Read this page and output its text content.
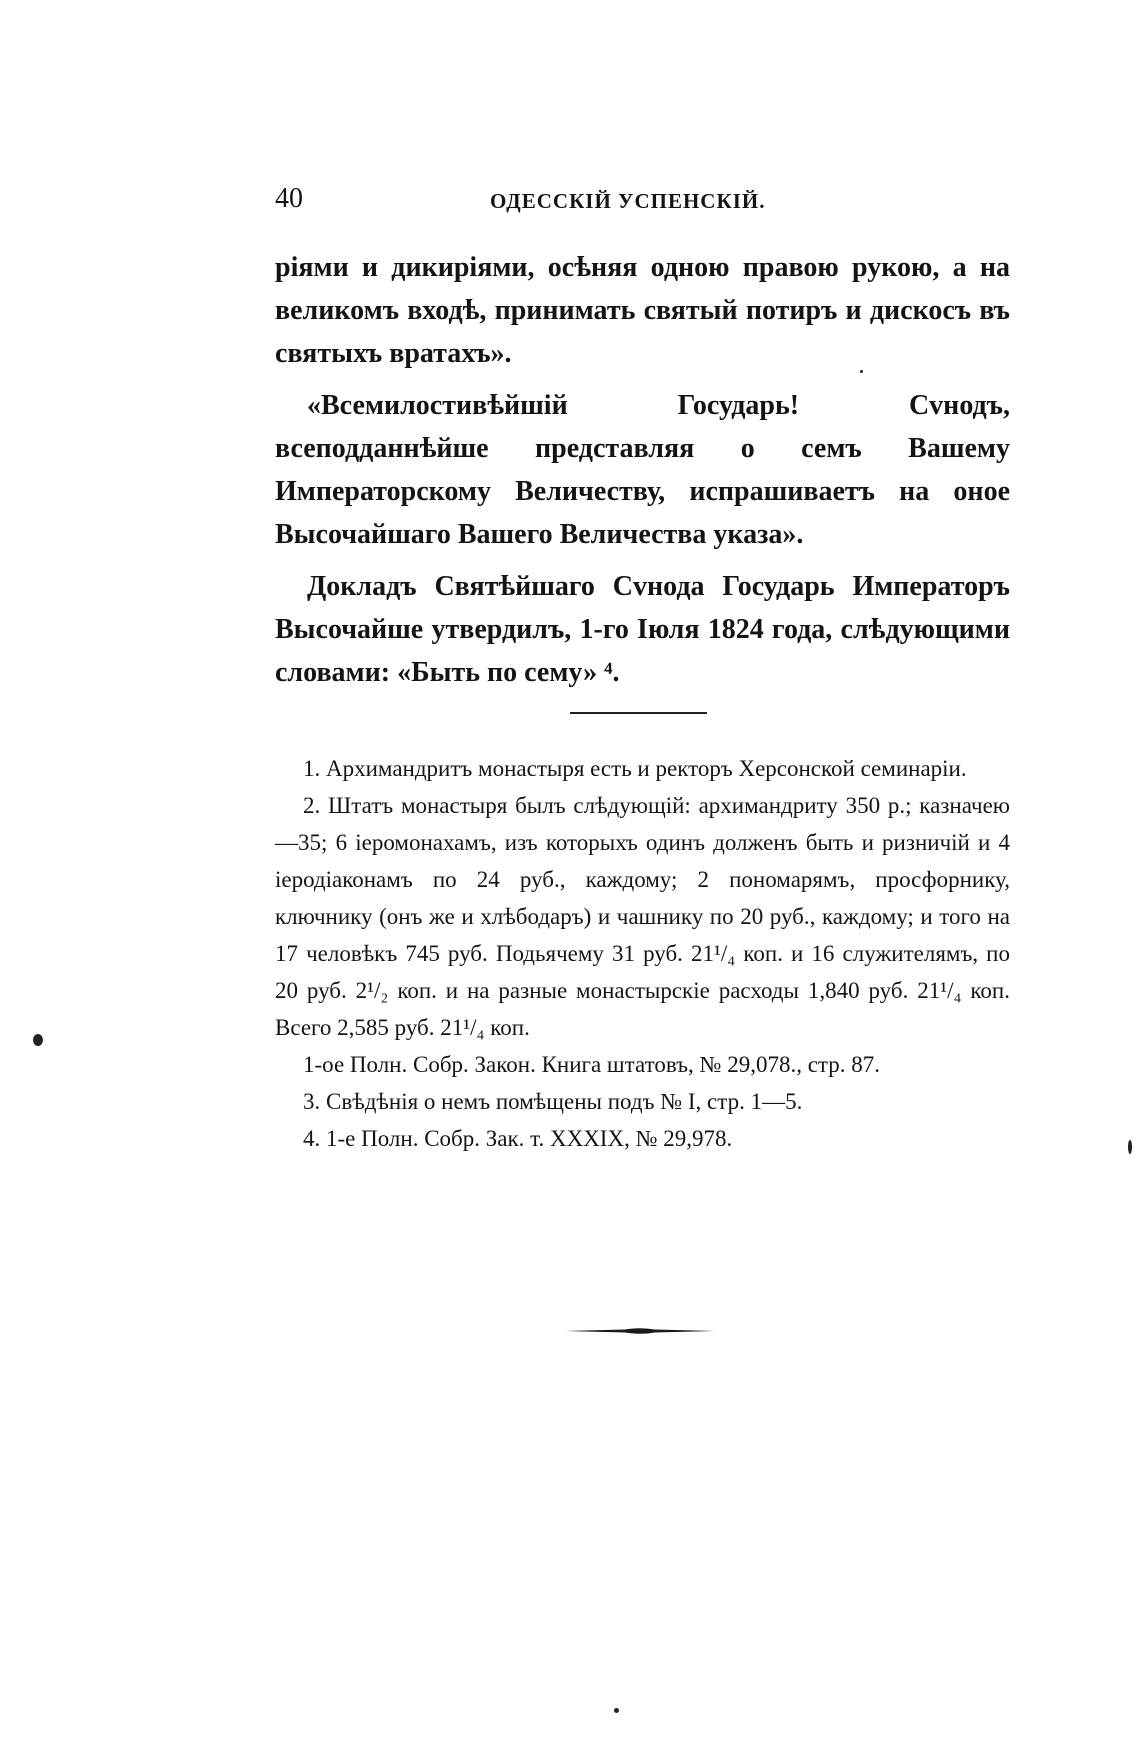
40	ОДЕССКІЙ УСПЕНСКІЙ.

ріями и дикиріями, осѣняя одною правою рукою, а на великомъ входѣ, принимать святый потиръ и дискосъ въ святыхъ вратахъ».

«Всемилостивѣйшій Государь! Сvнодъ, всеподданнѣйше представляя о семъ Вашему Императорскому Величеству, испрашиваетъ на оное Высочайшаго Вашего Величества указа».

Докладъ Святѣйшаго Сvнода Государь Императоръ Высочайше утвердилъ, 1-го Іюля 1824 года, слѣдующими словами: «Быть по сему» ⁴.

1. Архимандритъ монастыря есть и ректоръ Херсонской семинаріи.

2. Штатъ монастыря былъ слѣдующій: архимандриту 350 р.; казначею—35; 6 іеромонахамъ, изъ которыхъ одинъ долженъ быть и ризничій и 4 іеродіаконамъ по 24 руб., каждому; 2 пономарямъ, просфорнику, ключнику (онъ же и хлѣбодаръ) и чашнику по 20 руб., каждому; и того на 17 человѣкъ 745 руб. Подьячему 31 руб. 21¹/₄ коп. и 16 служителямъ, по 20 руб. 2¹/₂ коп. и на разные монастырскіе расходы 1,840 руб. 21¹/₄ коп. Всего 2,585 руб. 21¹/₄ коп.

1-ое Полн. Собр. Закон. Книга штатовъ, № 29,078., стр. 87.

3. Свѣдѣнія о немъ помѣщены подъ № I, стр. 1—5.

4. 1-е Полн. Собр. Зак. т. XXXIX, № 29,978.
